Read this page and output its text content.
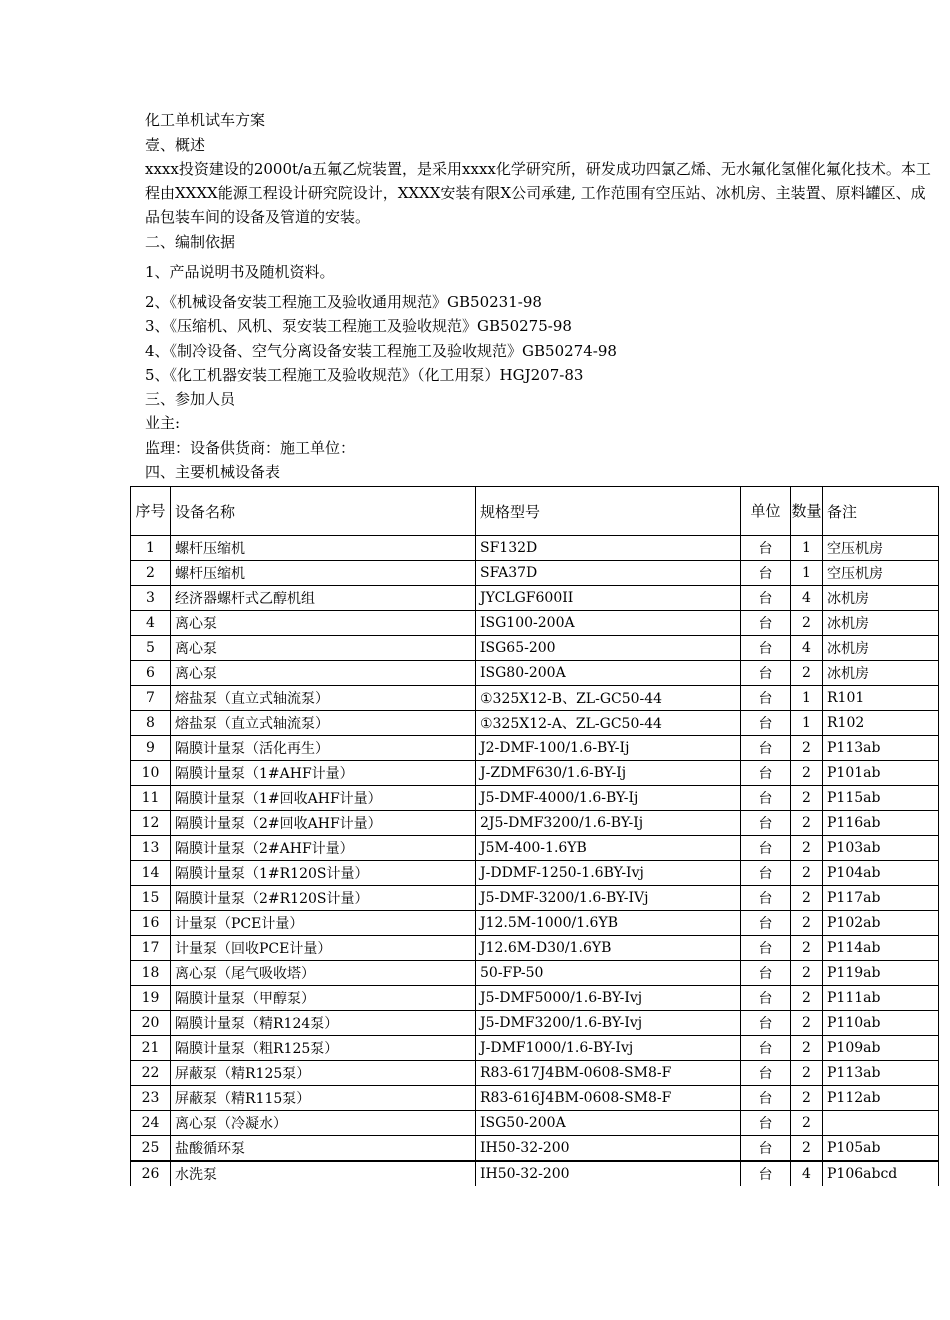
化工单机试车方案
壹、概述
xxxx投资建设的2000t/a五氟乙烷装置，是采用xxxx化学研究所，研发成功四氯乙烯、无水氟化氢催化氟化技术。本工程由XXXX能源工程设计研究院设计，XXXX安装有限X公司承建, 工作范围有空压站、冰机房、主装置、原料罐区、成品包装车间的设备及管道的安装。
二、编制依据
1、产品说明书及随机资料。
2、《机械设备安装工程施工及验收通用规范》GB50231-98
3、《压缩机、风机、泵安装工程施工及验收规范》GB50275-98
4、《制冷设备、空气分离设备安装工程施工及验收规范》GB50274-98
5、《化工机器安装工程施工及验收规范》（化工用泵）HGJ207-83
三、参加人员
业主:
监理：设备供货商：施工单位：
四、主要机械设备表
序号	设备名称	规格型号	单位	数量	备注
1	螺杆压缩机	SF132D	台	1	空压机房
2	螺杆压缩机	SFA37D	台	1	空压机房
3	经济器螺杆式乙醇机组	JYCLGF600II	台	4	冰机房
4	离心泵	ISG100-200A	台	2	冰机房
5	离心泵	ISG65-200	台	4	冰机房
6	离心泵	ISG80-200A	台	2	冰机房
7	熔盐泵（直立式轴流泵）	①325X12-B、ZL-GC50-44	台	1	R101
8	熔盐泵（直立式轴流泵）	①325X12-A、ZL-GC50-44	台	1	R102
9	隔膜计量泵（活化再生）	J2-DMF-100/1.6-BY-Ij	台	2	P113ab
10	隔膜计量泵（1#AHF计量）	J-ZDMF630/1.6-BY-Ij	台	2	P101ab
11	隔膜计量泵（1#回收AHF计量）	J5-DMF-4000/1.6-BY-Ij	台	2	P115ab
12	隔膜计量泵（2#回收AHF计量）	2J5-DMF3200/1.6-BY-Ij	台	2	P116ab
13	隔膜计量泵（2#AHF计量）	J5M-400-1.6YB	台	2	P103ab
14	隔膜计量泵（1#R120S计量）	J-DDMF-1250-1.6BY-Ivj	台	2	P104ab
15	隔膜计量泵（2#R120S计量）	J5-DMF-3200/1.6-BY-IVj	台	2	P117ab
16	计量泵（PCE计量）	J12.5M-1000/1.6YB	台	2	P102ab
17	计量泵（回收PCE计量）	J12.6M-D30/1.6YB	台	2	P114ab
18	离心泵（尾气吸收塔）	50-FP-50	台	2	P119ab
19	隔膜计量泵（甲醇泵）	J5-DMF5000/1.6-BY-Ivj	台	2	P111ab
20	隔膜计量泵（精R124泵）	J5-DMF3200/1.6-BY-Ivj	台	2	P110ab
21	隔膜计量泵（粗R125泵）	J-DMF1000/1.6-BY-Ivj	台	2	P109ab
22	屏蔽泵（精R125泵）	R83-617J4BM-0608-SM8-F	台	2	P113ab
23	屏蔽泵（精R115泵）	R83-616J4BM-0608-SM8-F	台	2	P112ab
24	离心泵（冷凝水）	ISG50-200A	台	2	
25	盐酸循环泵	IH50-32-200	台	2	P105ab
26	水洗泵	IH50-32-200	台	4	P106abcd
